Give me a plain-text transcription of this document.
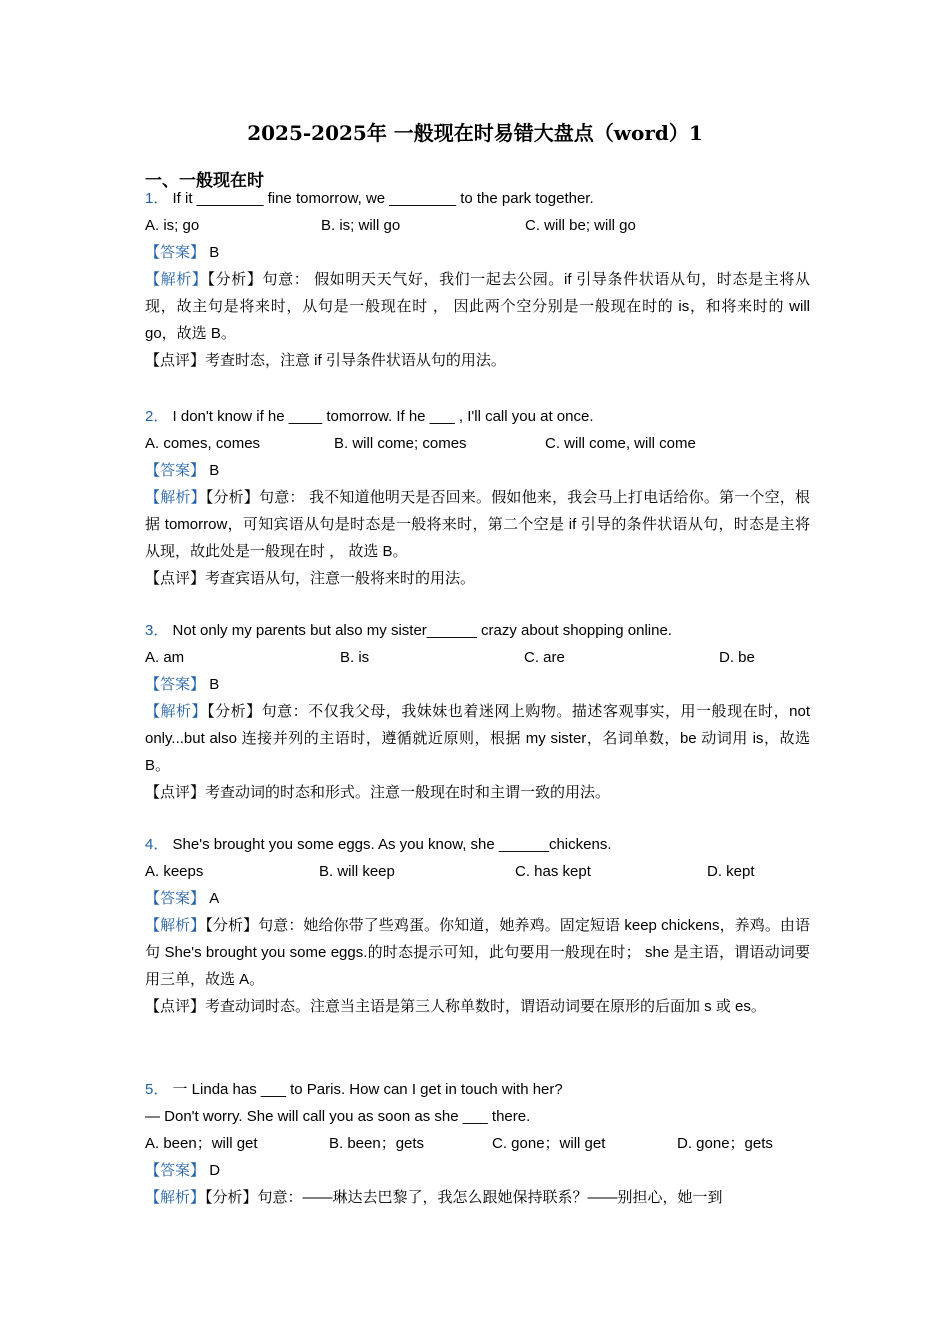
2025-2025年 一般现在时易错大盘点（word）1
一、一般现在时
1． If it ________ fine tomorrow, we ________ to the park together.
A. is; go	B. is; will go	C. will be; will go
【答案】 B
【解析】【分析】句意： 假如明天天气好，我们一起去公园。if 引导条件状语从句，时态是主将从现，故主句是将来时，从句是一般现在时 ， 因此两个空分别是一般现在时的 is，和将来时的 will go，故选 B。
【点评】考查时态，注意 if 引导条件状语从句的用法。
2． I don't know if he ____ tomorrow. If he ___ , I'll call you at once.
A. comes, comes	B. will come; comes	C. will come, will come
【答案】 B
【解析】【分析】句意： 我不知道他明天是否回来。假如他来，我会马上打电话给你。第一个空，根据 tomorrow，可知宾语从句是时态是一般将来时，第二个空是 if 引导的条件状语从句，时态是主将从现，故此处是一般现在时 ， 故选 B。
【点评】考查宾语从句，注意一般将来时的用法。
3． Not only my parents but also my sister______ crazy about shopping online.
A. am	B. is	C. are	D. be
【答案】 B
【解析】【分析】句意：不仅我父母，我妹妹也着迷网上购物。描述客观事实，用一般现在时，not only...but also 连接并列的主语时，遵循就近原则，根据 my sister，名词单数，be 动词用 is，故选 B。
【点评】考查动词的时态和形式。注意一般现在时和主谓一致的用法。
4． She's brought you some eggs. As you know, she ______chickens.
A. keeps	B. will keep	C. has kept	D. kept
【答案】 A
【解析】【分析】句意：她给你带了些鸡蛋。你知道，她养鸡。固定短语 keep chickens，养鸡。由语句 She's brought you some eggs.的时态提示可知，此句要用一般现在时； she 是主语，谓语动词要用三单，故选 A。
【点评】考查动词时态。注意当主语是第三人称单数时，谓语动词要在原形的后面加 s 或 es。
5． 一 Linda has ___ to Paris. How can I get in touch with her?
— Don't worry. She will call you as soon as she ___ there.
A. been；will get	B. been；gets	C. gone；will get	D. gone；gets
【答案】 D
【解析】【分析】句意：——琳达去巴黎了，我怎么跟她保持联系？——别担心，她一到
